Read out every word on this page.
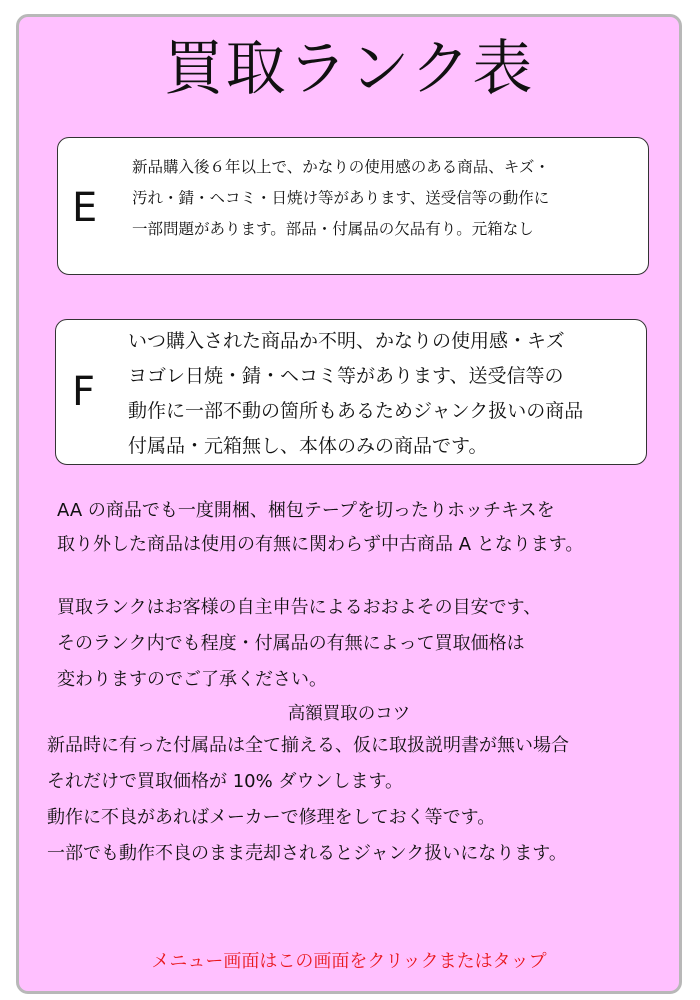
買取ランク表
E
新品購入後６年以上で、かなりの使用感のある商品、キズ・
汚れ・錆・ヘコミ・日焼け等があります、送受信等の動作に
一部問題があります。部品・付属品の欠品有り。元箱なし
F
いつ購入された商品か不明、かなりの使用感・キズ
ヨゴレ日焼・錆・ヘコミ等があります、送受信等の
動作に一部不動の箇所もあるためジャンク扱いの商品
付属品・元箱無し、本体のみの商品です。
AA の商品でも一度開梱、梱包テープを切ったりホッチキスを
取り外した商品は使用の有無に関わらず中古商品 A となります。
買取ランクはお客様の自主申告によるおおよその目安です、
そのランク内でも程度・付属品の有無によって買取価格は
変わりますのでご了承ください。
高額買取のコツ
新品時に有った付属品は全て揃える、仮に取扱説明書が無い場合
それだけで買取価格が 10% ダウンします。
動作に不良があればメーカーで修理をしておく等です。
一部でも動作不良のまま売却されるとジャンク扱いになります。
メニュー画面はこの画面をクリックまたはタップ
